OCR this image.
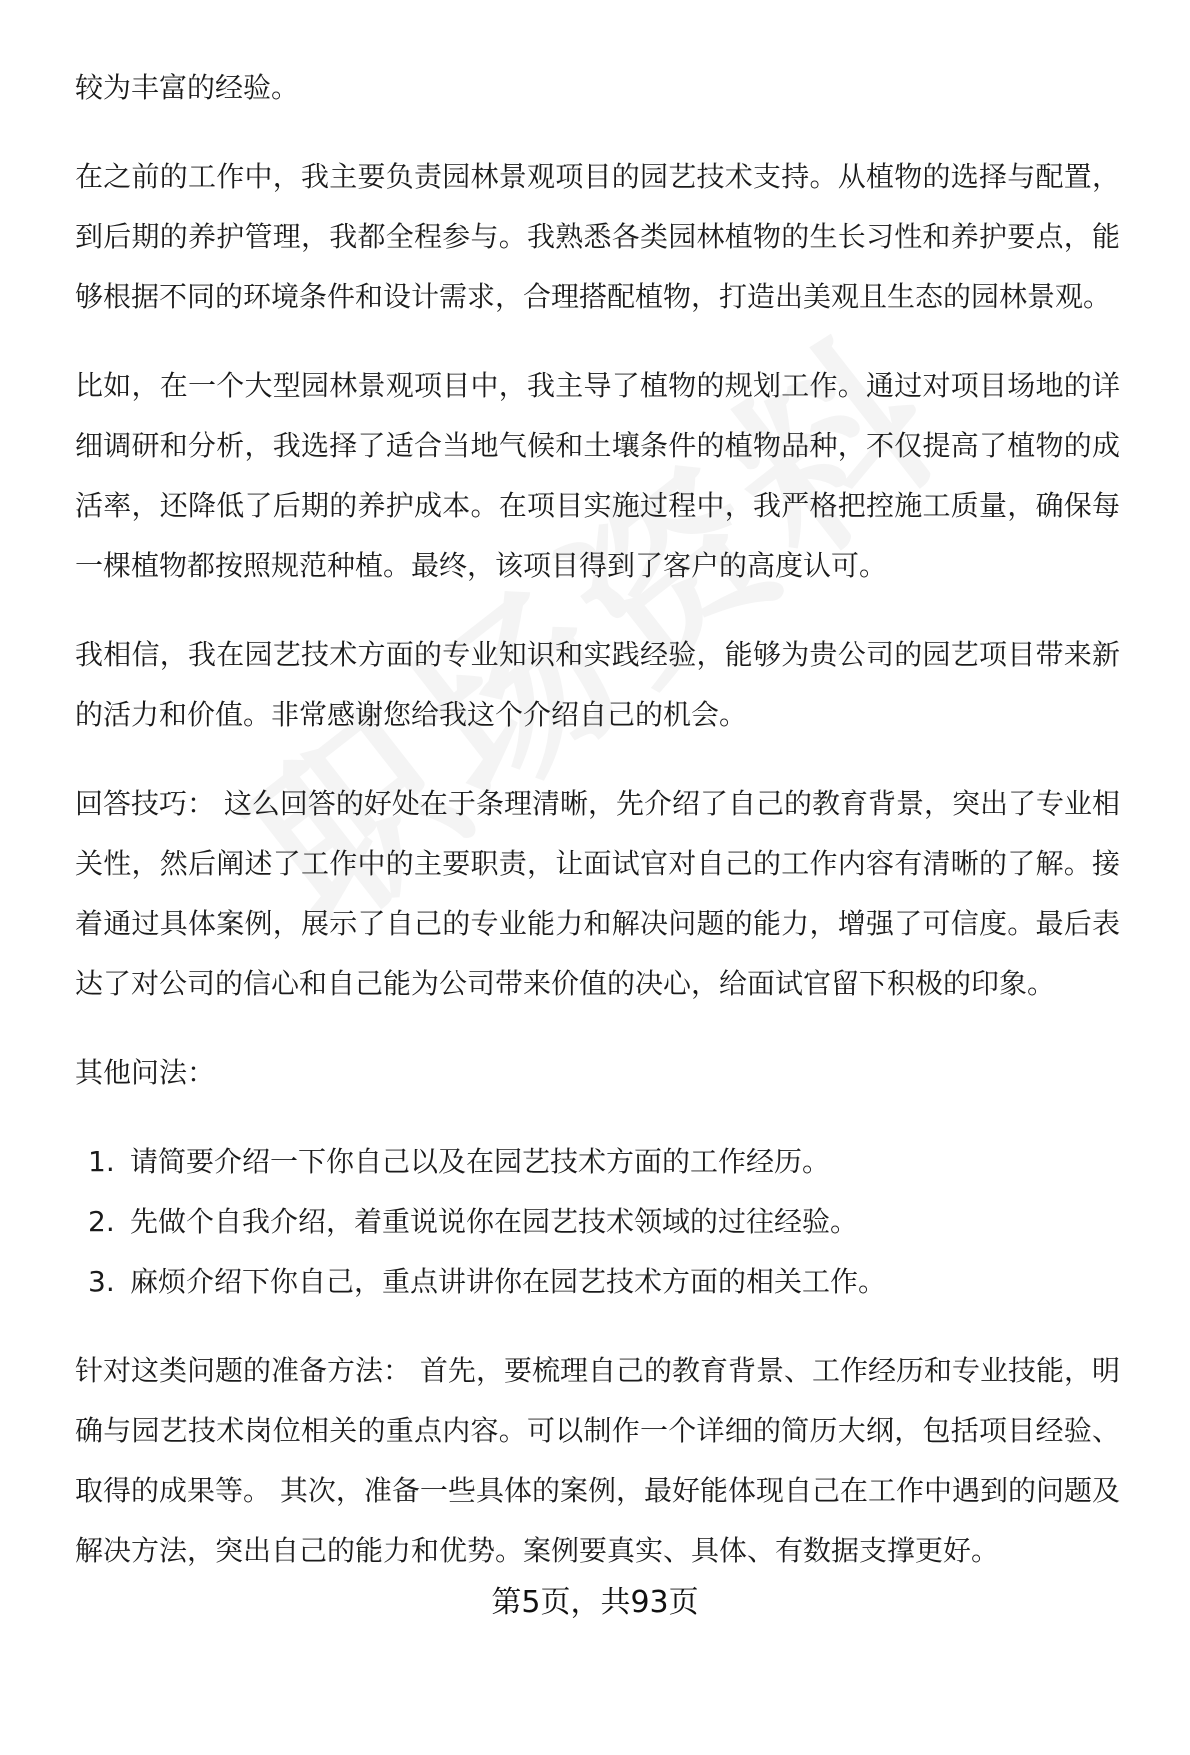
较为丰富的经验。

在之前的工作中，我主要负责园林景观项目的园艺技术支持。从植物的选择与配置，到后期的养护管理，我都全程参与。我熟悉各类园林植物的生长习性和养护要点，能够根据不同的环境条件和设计需求，合理搭配植物，打造出美观且生态的园林景观。

比如，在一个大型园林景观项目中，我主导了植物的规划工作。通过对项目场地的详细调研和分析，我选择了适合当地气候和土壤条件的植物品种，不仅提高了植物的成活率，还降低了后期的养护成本。在项目实施过程中，我严格把控施工质量，确保每一棵植物都按照规范种植。最终，该项目得到了客户的高度认可。

我相信，我在园艺技术方面的专业知识和实践经验，能够为贵公司的园艺项目带来新的活力和价值。非常感谢您给我这个介绍自己的机会。

回答技巧： 这么回答的好处在于条理清晰，先介绍了自己的教育背景，突出了专业相关性，然后阐述了工作中的主要职责，让面试官对自己的工作内容有清晰的了解。接着通过具体案例，展示了自己的专业能力和解决问题的能力，增强了可信度。最后表达了对公司的信心和自己能为公司带来价值的决心，给面试官留下积极的印象。

其他问法：

1. 请简要介绍一下你自己以及在园艺技术方面的工作经历。
2. 先做个自我介绍，着重说说你在园艺技术领域的过往经验。
3. 麻烦介绍下你自己，重点讲讲你在园艺技术方面的相关工作。

针对这类问题的准备方法： 首先，要梳理自己的教育背景、工作经历和专业技能，明确与园艺技术岗位相关的重点内容。可以制作一个详细的简历大纲，包括项目经验、取得的成果等。 其次，准备一些具体的案例，最好能体现自己在工作中遇到的问题及解决方法，突出自己的能力和优势。案例要真实、具体、有数据支撑更好。

第5页，共93页
